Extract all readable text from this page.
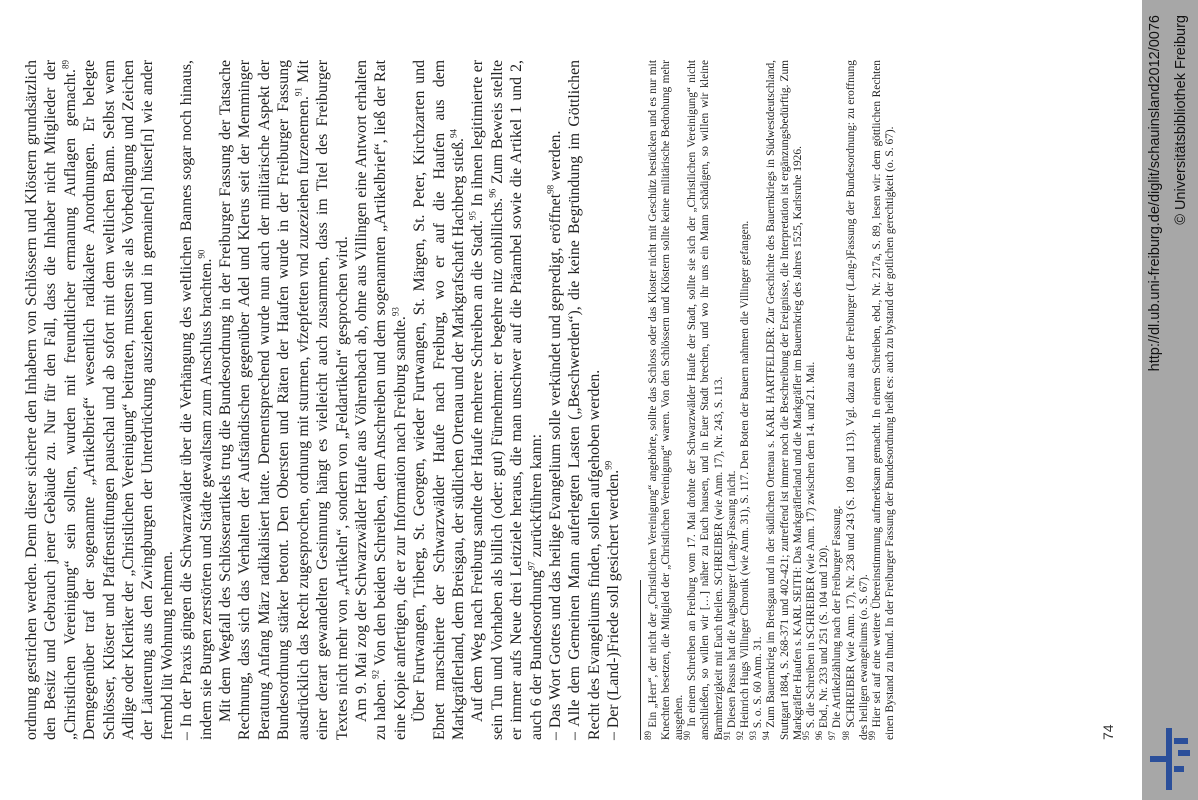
ordnung gestrichen werden. Denn dieser sicherte den Inhabern von Schlössern und Klöstern grundsätzlich den Besitz und Gebrauch jener Gebäude zu. Nur für den Fall, dass die Inhaber nicht Mitglieder der „Christlichen Vereinigung“ sein sollten, wurden mit freundtlicher ermanung Auflagen gemacht.$^{89}$ Demgegenüber traf der sogenannte „Artikelbrief“ wesentlich radikalere Anordnungen. Er belegte Schlösser, Klöster und Pfaffenstiftungen pauschal und ab sofort mit dem weltlichen Bann. Selbst wenn Adlige oder Kleriker der „Christlichen Vereinigung“ beitraten, mussten sie als Vorbedingung und Zeichen der Läuterung aus den Zwingburgen der Unterdrückung ausziehen und in gemaine[n] hüser[n] wie ander frembd lüt Wohnung nehmen. – In der Praxis gingen die Schwarzwälder über die Verhängung des weltlichen Bannes sogar noch hinaus, indem sie Burgen zerstörten und Städte gewaltsam zum Anschluss brachten.$^{90}$ Mit dem Wegfall des Schlösserartikels trug die Bundesordnung in der Freiburger Fassung der Tatsache Rechnung, dass sich das Verhalten der Aufständischen gegenüber Adel und Klerus seit der Memminger Beratung Anfang März radikalisiert hatte. Dementsprechend wurde nun auch der militärische Aspekt der Bundesordnung stärker betont. Den Obersten und Räten der Haufen wurde in der Freiburger Fassung ausdrücklich das Recht zugesprochen, ordnung mit sturmen, vfzepfetten vnd zuzeziehen furzenemen.$^{91}$ Mit einer derart gewandelten Gesinnung hängt es vielleicht auch zusammen, dass im Titel des Freiburger Textes nicht mehr von „Artikeln“, sondern von „Feldartikeln“ gesprochen wird. Am 9. Mai zog der Schwarzwälder Haufe aus Vöhrenbach ab, ohne aus Villingen eine Antwort erhalten zu haben.$^{92}$ Von den beiden Schreiben, dem Anschreiben und dem sogenannten „Artikelbrief“, ließ der Rat eine Kopie anfertigen, die er zur Information nach Freiburg sandte.$^{93}$ Über Furtwangen, Triberg, St. Georgen, wieder Furtwangen, St. Märgen, St. Peter, Kirchzarten und Ebnet marschierte der Schwarzwälder Haufe nach Freiburg, wo er auf die Haufen aus dem Markgräflerland, dem Breisgau, der südlichen Ortenau und der Markgrafschaft Hachberg stieß.$^{94}$

Auf dem Weg nach Freiburg sandte der Haufe mehrere Schreiben an die Stadt.$^{95}$ In ihnen legitimierte er sein Tun und Vorhaben als billich (oder: gut) Fürnehmen: er begehre nitz onbillichs.$^{96}$ Zum Beweis stellte er immer aufs Neue drei Leitziele heraus, die man unschwer auf die Präambel sowie die Artikel 1 und 2, auch 6 der Bundesordnung$^{97}$ zurückführen kann: – Das Wort Gottes und das heilige Evangelium solle verkündet und gepredigt, eröffnet$^{98}$ werden. – Alle dem Gemeinen Mann auferlegten Lasten („Beschwerden“), die keine Begründung im Göttlichen Recht des Evangeliums finden, sollen aufgehoben werden. – Der (Land-)Friede soll gesichert werden.$^{99}$

$^{89}$ Ein „Herr“, der nicht der „Christlichen Vereinigung“ angehörte, sollte das Schloss oder das Kloster nicht mit Geschütz bestücken und es nur mit Knechten besetzen, die Mitglied der „Christlichen Vereinigung“ waren. Von den Schlössern und Klöstern sollte keine militärische Bedrohung mehr ausgehen.

$^{90}$ In einem Schreiben an Freiburg vom 17. Mai drohte der Schwarzwälder Haufe der Stadt, sollte sie sich der „Christlichen Vereinigung“ nicht anschließen, so willen wir […] näher zu Euch hausen, und in Euer Stadt brechen, und wo ihr uns ein Mann schädigen, so willen wir kleine Barmherzigkeit mit Euch theilen. SCHREIBER (wie Anm. 17), Nr. 243, S. 113.

$^{91}$ Diesen Passus hat die Augsburger (Lang-)Fassung nicht.

$^{92}$ Heinrich Hugs Villinger Chronik (wie Anm. 31), S. 117. Den Boten der Bauern nahmen die Villinger gefangen.

$^{93}$ S. o. S. 60 Anm. 31.

$^{94}$ Zum Bauernkrieg im Breisgau und in der südlichen Ortenau s. KARL HARTFELDER: Zur Geschichte des Bauernkriegs in Südwestdeutschland, Stuttgart 1884, S. 268-371 und 402-421; zutreffend ist immer noch die Beschreibung der Ereignisse, die Interpretation ist ergänzungsbedürftig. Zum Markgräfler Haufen s. KARL SEITH: Das Markgräflerland und die Markgräfler im Bauernkrieg des Jahres 1525, Karlsruhe 1926.

$^{95}$ S. die Schreiben in SCHREIBER (wie Anm. 17) zwischen dem 14. und 21. Mai.

$^{96}$ Ebd., Nr. 233 und 251 (S. 104 und 120).

$^{97}$ Die Artikelzählung nach der Freiburger Fassung.

$^{98}$ SCHREIBER (wie Anm. 17), Nr. 238 und 243 (S. 109 und 113). Vgl. dazu aus der Freiburger (Lang-)Fassung der Bundesordnung: zu eroffnung des heiligen ewangeliums (o. S. 67).

$^{99}$ Hier sei auf eine weitere Übereinstimmung aufmerksam gemacht. In einem Schreiben, ebd., Nr. 217a, S. 89, lesen wir: dem göttlichen Rechten einen Bystand zu thund. In der Freiburger Fassung der Bundesordnung heißt es: auch zu bystand der gotlichen gerechtigkeit (o. S. 67).	74
http://dl.ub.uni-freiburg.de/diglit/schauinsland2012/0076 © Universitätsbibliothek Freiburg
